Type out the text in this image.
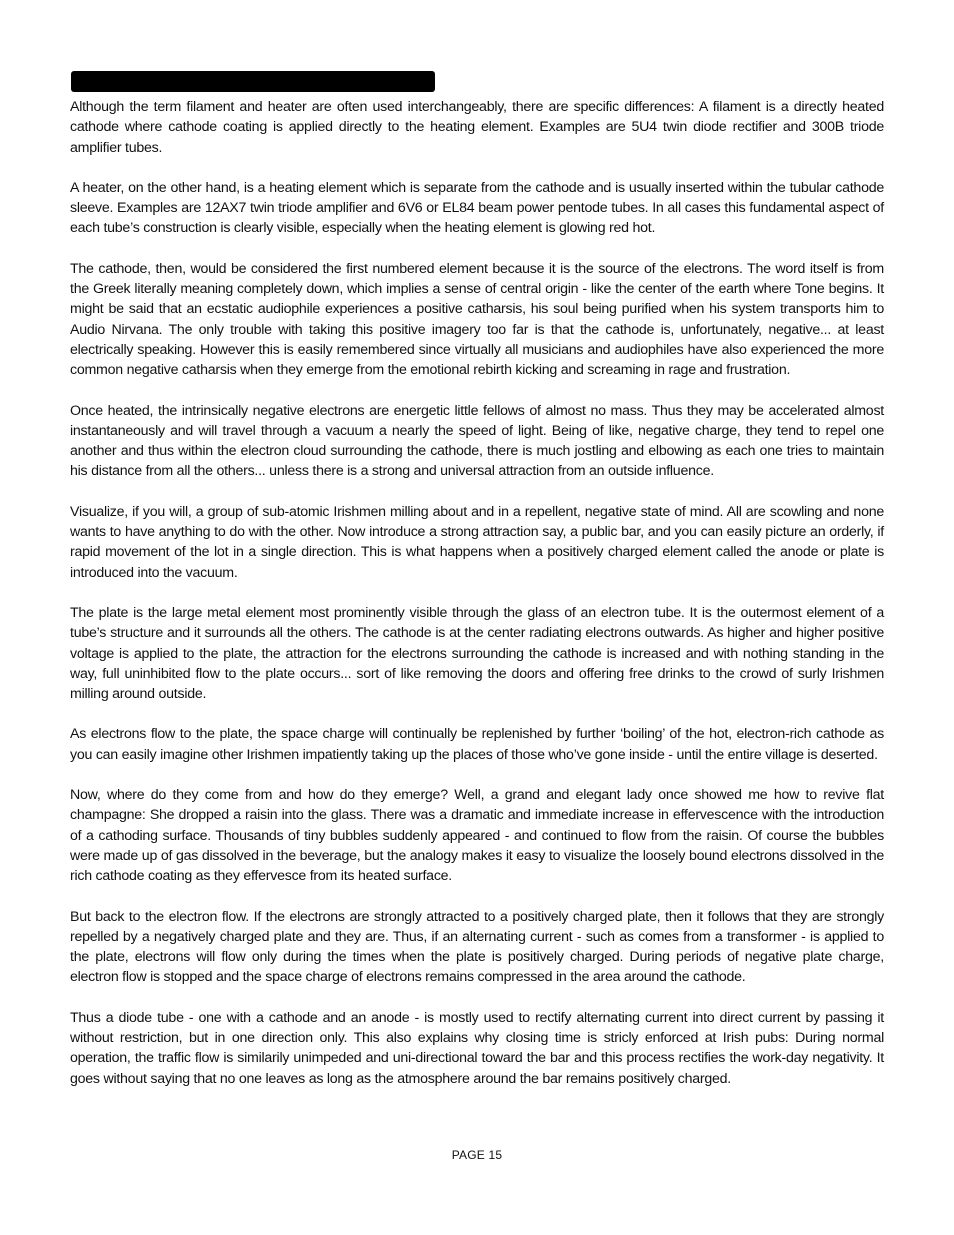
Although the term filament and heater are often used interchangeably, there are specific differences: A filament is a directly heated cathode where cathode coating is applied directly to the heating element. Examples are 5U4 twin diode rectifier and 300B triode amplifier tubes.

A heater, on the other hand, is a heating element which is separate from the cathode and is usually inserted within the tubular cathode sleeve. Examples are 12AX7 twin triode amplifier and 6V6 or EL84 beam power pentode tubes. In all cases this fundamental aspect of each tube’s construction is clearly visible, especially when the heating element is glowing red hot.

The cathode, then, would be considered the first numbered element because it is the source of the electrons. The word itself is from the Greek literally meaning completely down, which implies a sense of central origin - like the center of the earth where Tone begins. It might be said that an ecstatic audiophile experiences a positive catharsis, his soul being purified when his system transports him to Audio Nirvana. The only trouble with taking this positive imagery too far is that the cathode is, unfortunately, negative... at least electrically speaking. However this is easily remembered since virtually all musicians and audiophiles have also experienced the more common negative catharsis when they emerge from the emotional rebirth kicking and screaming in rage and frustration.

Once heated, the intrinsically negative electrons are energetic little fellows of almost no mass. Thus they may be accelerated almost instantaneously and will travel through a vacuum a nearly the speed of light. Being of like, negative charge, they tend to repel one another and thus within the electron cloud surrounding the cathode, there is much jostling and elbowing as each one tries to maintain his distance from all the others... unless there is a strong and universal attraction from an outside influence.

Visualize, if you will, a group of sub-atomic Irishmen milling about and in a repellent, negative state of mind. All are scowling and none wants to have anything to do with the other. Now introduce a strong attraction say, a public bar, and you can easily picture an orderly, if rapid movement of the lot in a single direction. This is what happens when a positively charged element called the anode or plate is introduced into the vacuum.

The plate is the large metal element most prominently visible through the glass of an electron tube. It is the outermost element of a tube’s structure and it surrounds all the others. The cathode is at the center radiating electrons outwards. As higher and higher positive voltage is applied to the plate, the attraction for the electrons surrounding the cathode is increased and with nothing standing in the way, full uninhibited flow to the plate occurs... sort of like removing the doors and offering free drinks to the crowd of surly Irishmen milling around outside.

As electrons flow to the plate, the space charge will continually be replenished by further ‘boiling’ of the hot, electron-rich cathode as you can easily imagine other Irishmen impatiently taking up the places of those who’ve gone inside - until the entire village is deserted.

Now, where do they come from and how do they emerge? Well, a grand and elegant lady once showed me how to revive flat champagne: She dropped a raisin into the glass. There was a dramatic and immediate increase in effervescence with the introduction of a cathoding surface. Thousands of tiny bubbles suddenly appeared - and continued to flow from the raisin. Of course the bubbles were made up of gas dissolved in the beverage, but the analogy makes it easy to visualize the loosely bound electrons dissolved in the rich cathode coating as they effervesce from its heated surface.

But back to the electron flow. If the electrons are strongly attracted to a positively charged plate, then it follows that they are strongly repelled by a negatively charged plate and they are. Thus, if an alternating current - such as comes from a transformer - is applied to the plate, electrons will flow only during the times when the plate is positively charged. During periods of negative plate charge, electron flow is stopped and the space charge of electrons remains compressed in the area around the cathode.

Thus a diode tube - one with a cathode and an anode - is mostly used to rectify alternating current into direct current by passing it without restriction, but in one direction only. This also explains why closing time is stricly enforced at Irish pubs: During normal operation, the traffic flow is similarily unimpeded and uni-directional toward the bar and this process rectifies the work-day negativity. It goes without saying that no one leaves as long as the atmosphere around the bar remains positively charged.

PAGE 15
